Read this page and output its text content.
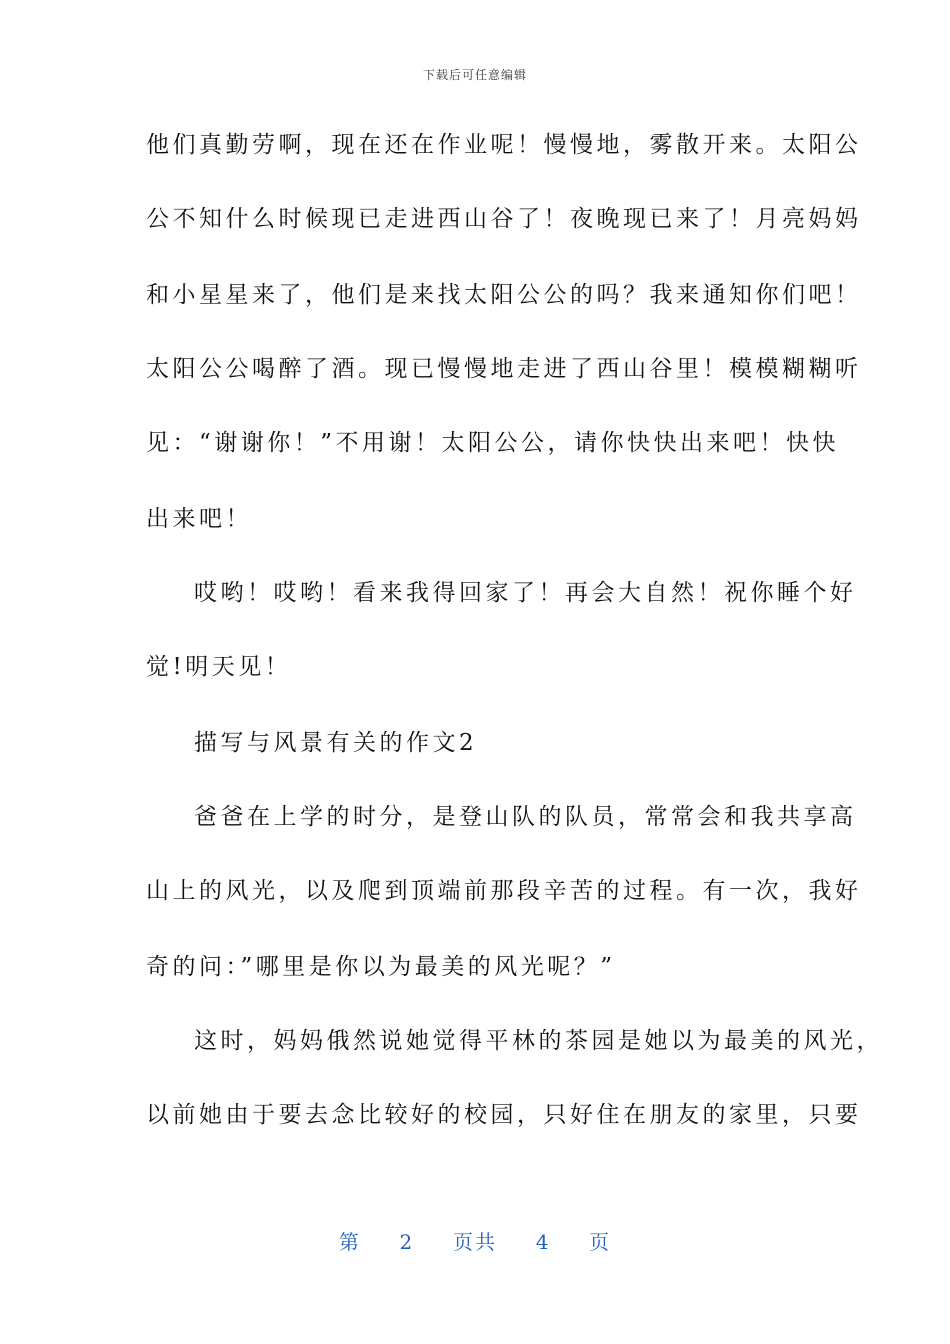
下载后可任意编辑
他们真勤劳啊，现在还在作业呢！慢慢地，雾散开来。太阳公
公不知什么时候现已走进西山谷了！夜晚现已来了！月亮妈妈
和小星星来了，他们是来找太阳公公的吗？我来通知你们吧！
太阳公公喝醉了酒。现已慢慢地走进了西山谷里！模模糊糊听
见：“谢谢你！”不用谢！太阳公公，请你快快出来吧！快快
出来吧！
哎哟！哎哟！看来我得回家了！再会大自然！祝你睡个好
觉!明天见！
描写与风景有关的作文2
爸爸在上学的时分，是登山队的队员，常常会和我共享高
山上的风光，以及爬到顶端前那段辛苦的过程。有一次，我好
奇的问：”哪里是你以为最美的风光呢？”
这时，妈妈俄然说她觉得平林的茶园是她以为最美的风光，
以前她由于要去念比较好的校园，只好住在朋友的家里，只要
第 2 页共 4 页
